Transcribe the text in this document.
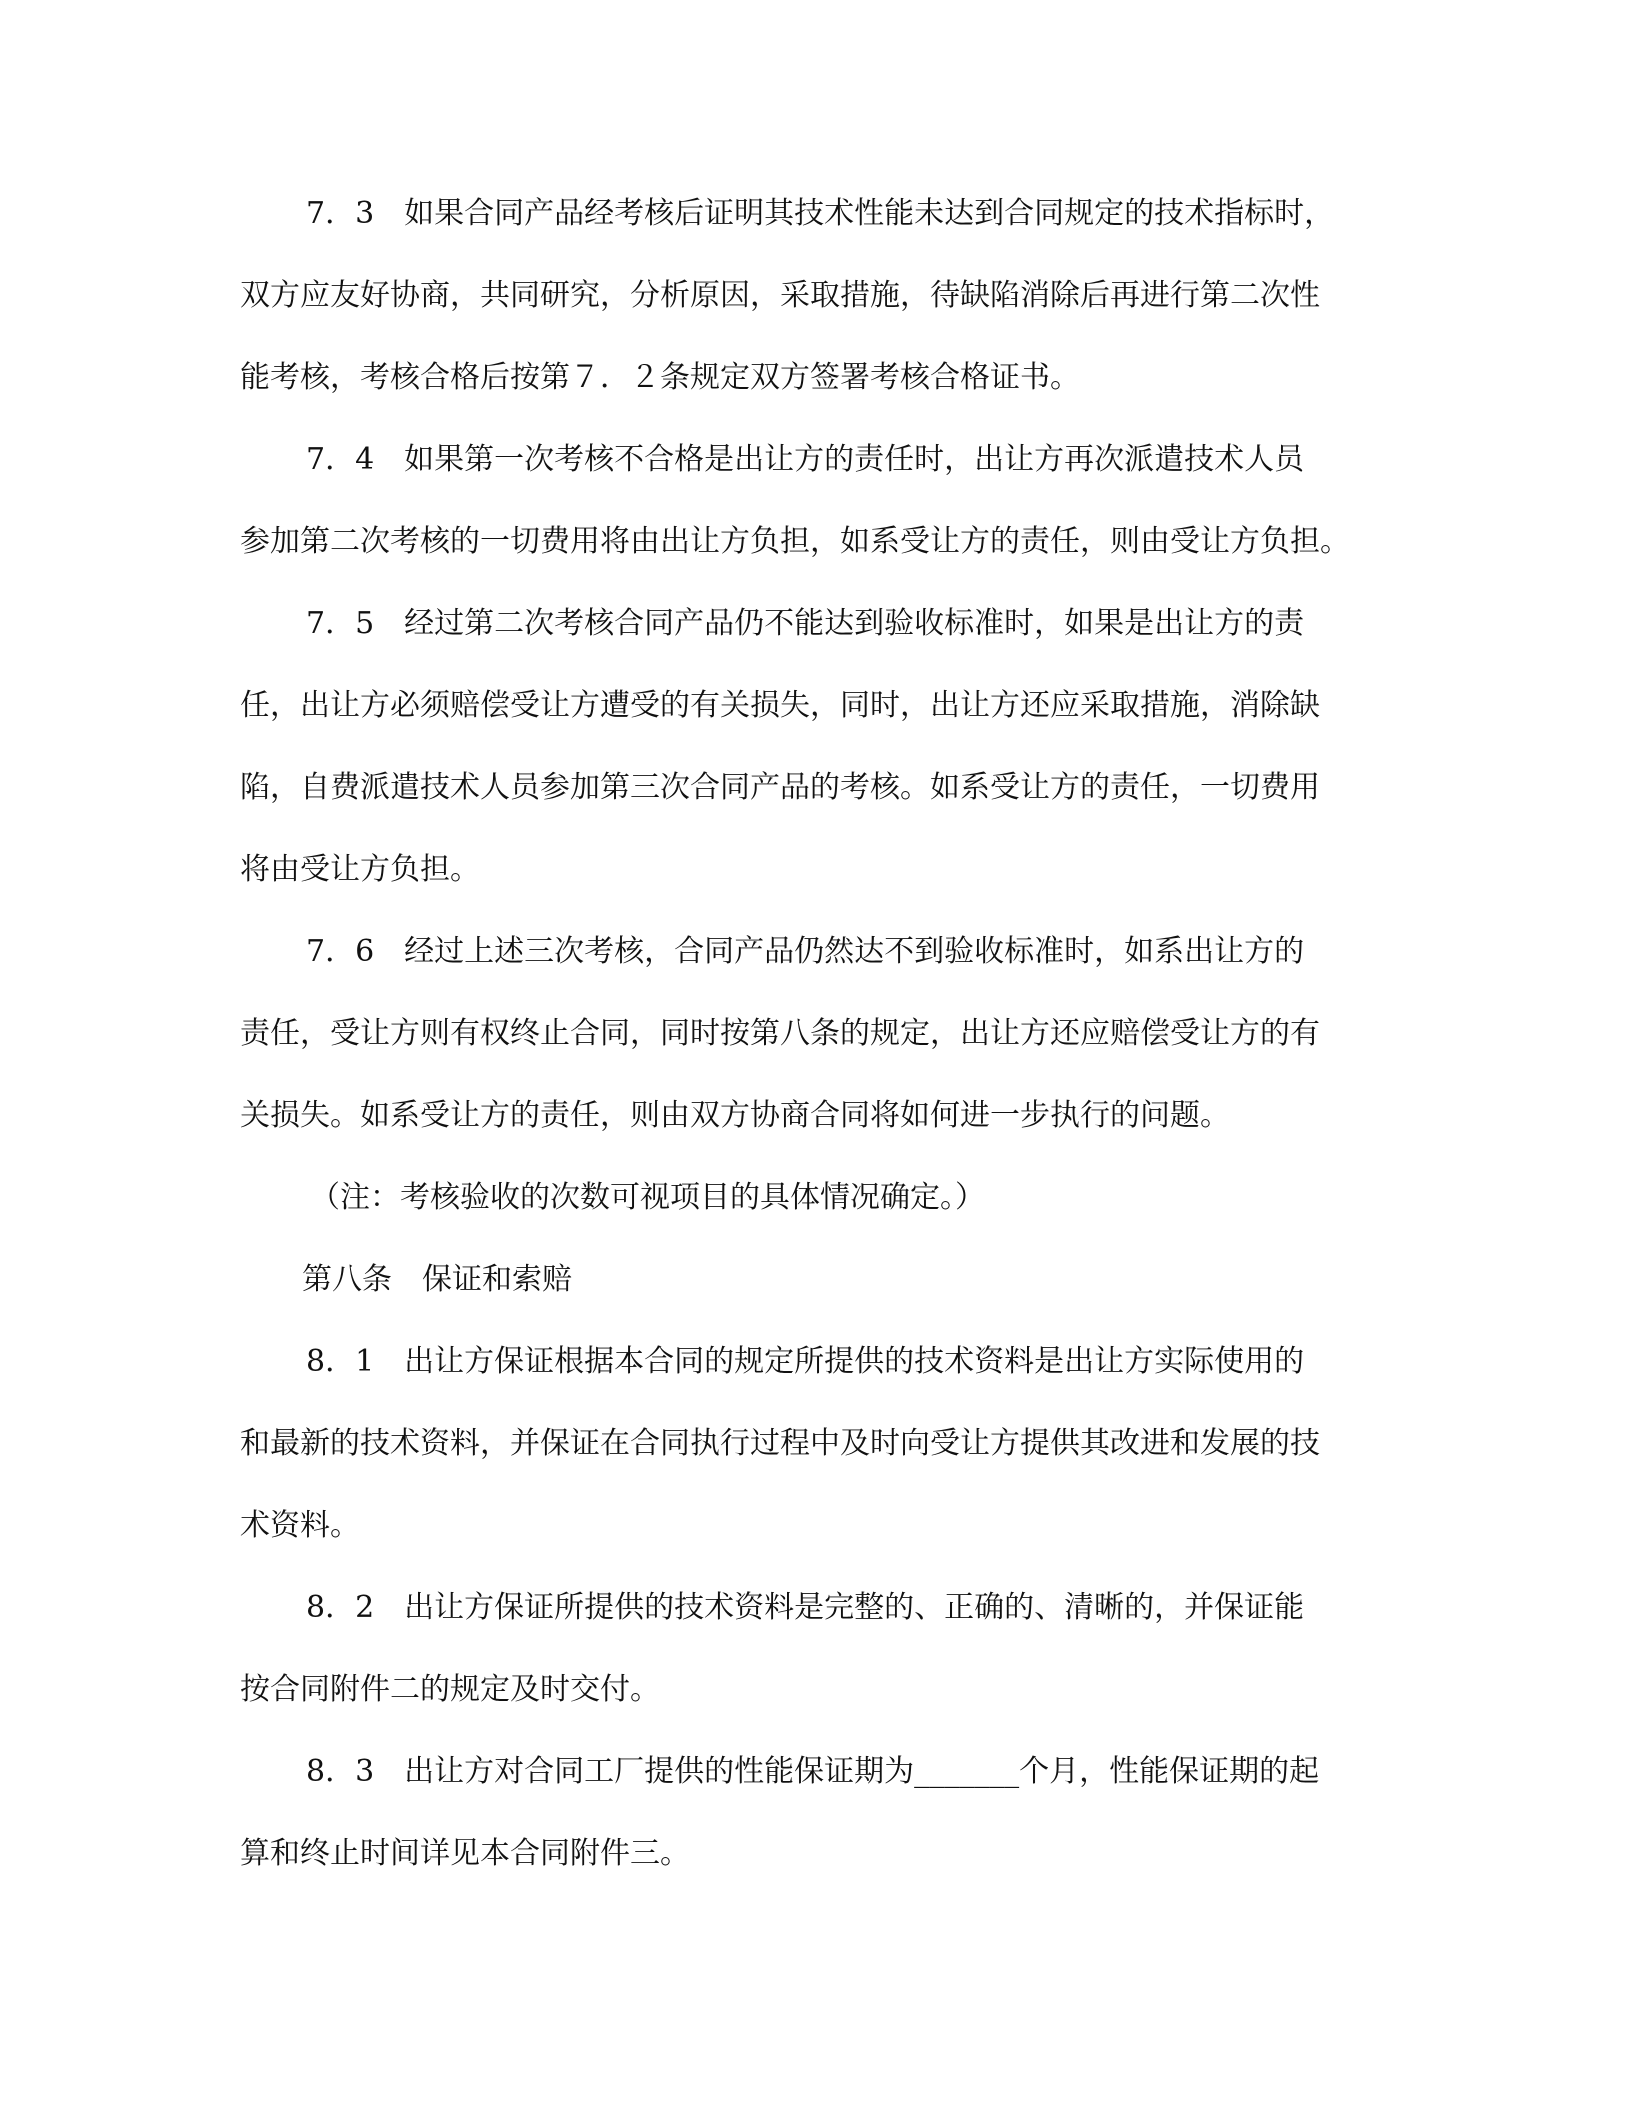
7．3　如果合同产品经考核后证明其技术性能未达到合同规定的技术指标时，
双方应友好协商，共同研究，分析原因，采取措施，待缺陷消除后再进行第二次性
能考核，考核合格后按第７．２条规定双方签署考核合格证书。
7．4　如果第一次考核不合格是出让方的责任时，出让方再次派遣技术人员
参加第二次考核的一切费用将由出让方负担，如系受让方的责任，则由受让方负担。
7．5　经过第二次考核合同产品仍不能达到验收标准时，如果是出让方的责
任，出让方必须赔偿受让方遭受的有关损失，同时，出让方还应采取措施，消除缺
陷，自费派遣技术人员参加第三次合同产品的考核。如系受让方的责任，一切费用
将由受让方负担。
7．6　经过上述三次考核，合同产品仍然达不到验收标准时，如系出让方的
责任，受让方则有权终止合同，同时按第八条的规定，出让方还应赔偿受让方的有
关损失。如系受让方的责任，则由双方协商合同将如何进一步执行的问题。
（注：考核验收的次数可视项目的具体情况确定。）
第八条　保证和索赔
8．1　出让方保证根据本合同的规定所提供的技术资料是出让方实际使用的
和最新的技术资料，并保证在合同执行过程中及时向受让方提供其改进和发展的技
术资料。
8．2　出让方保证所提供的技术资料是完整的、正确的、清晰的，并保证能
按合同附件二的规定及时交付。
8．3　出让方对合同工厂提供的性能保证期为_______个月，性能保证期的起
算和终止时间详见本合同附件三。
